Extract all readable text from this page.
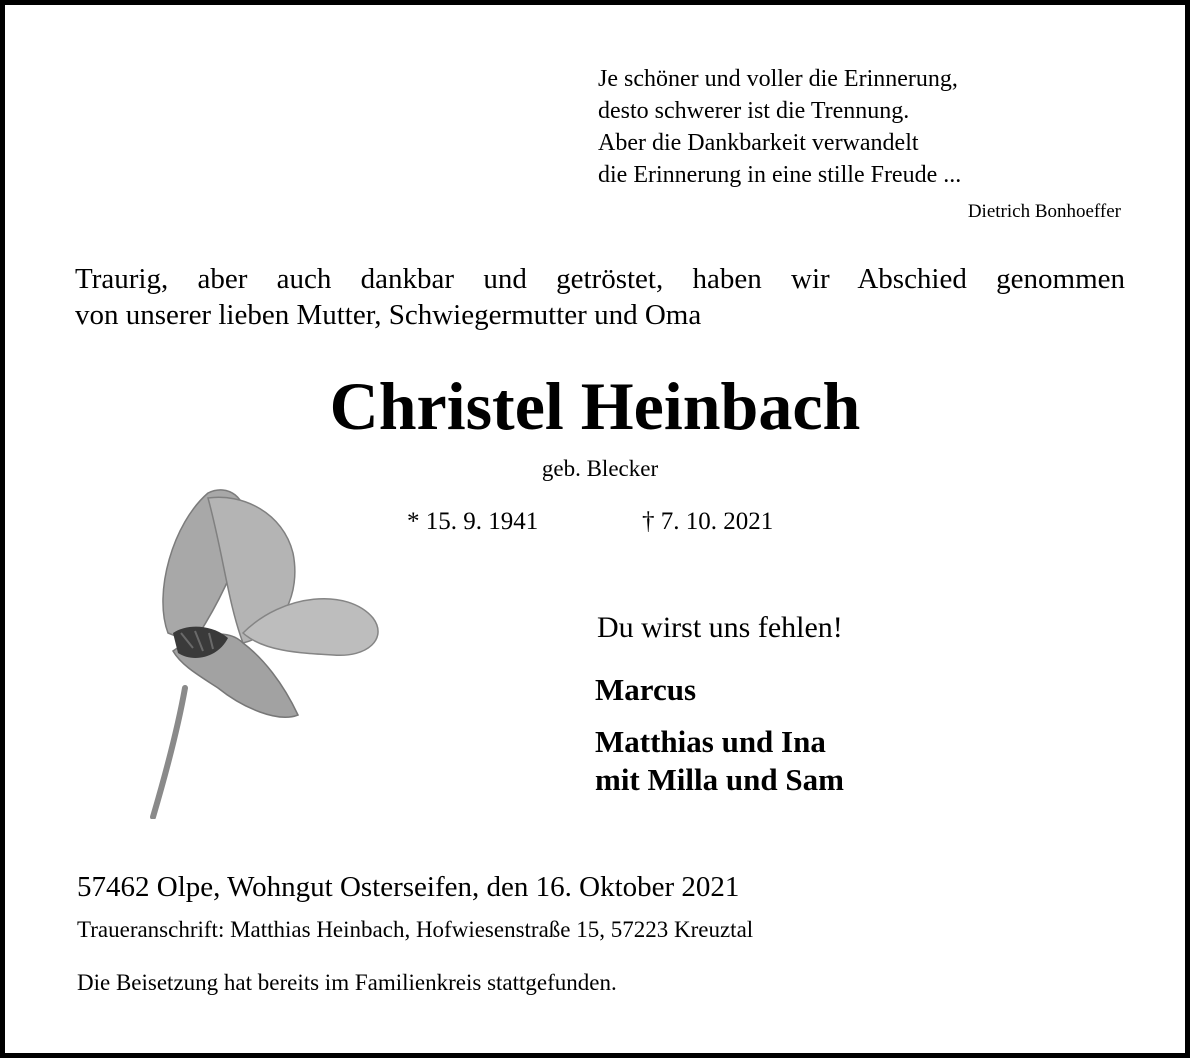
Je schöner und voller die Erinnerung,
desto schwerer ist die Trennung.
Aber die Dankbarkeit verwandelt
die Erinnerung in eine stille Freude ...
Dietrich Bonhoeffer
Traurig, aber auch dankbar und getröstet, haben wir Abschied genommen
von unserer lieben Mutter, Schwiegermutter und Oma
Christel Heinbach
geb. Blecker
* 15. 9. 1941	† 7. 10. 2021
Du wirst uns fehlen!
Marcus
Matthias und Ina
mit Milla und Sam
57462 Olpe, Wohngut Osterseifen, den 16. Oktober 2021
Traueranschrift: Matthias Heinbach, Hofwiesenstraße 15, 57223 Kreuztal
Die Beisetzung hat bereits im Familienkreis stattgefunden.
